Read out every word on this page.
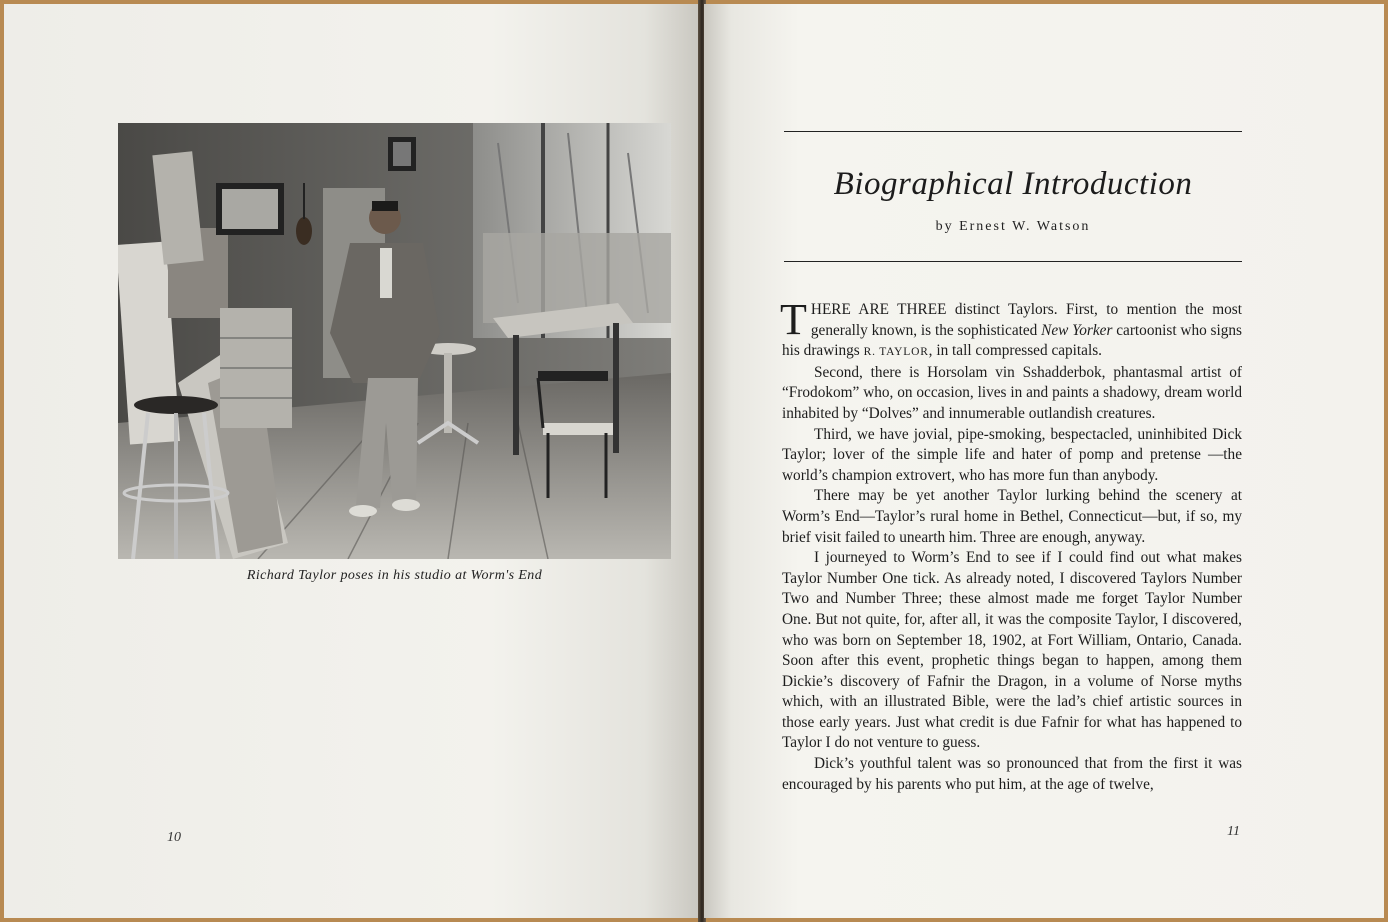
Richard Taylor poses in his studio at Worm's End
10
Biographical Introduction
by Ernest W. Watson

THERE ARE THREE distinct Taylors. First, to mention the most generally known, is the sophisticated New Yorker cartoonist who signs his drawings R. TAYLOR, in tall compressed capitals.

Second, there is Horsolam vin Sshadderbok, phantasmal artist of “Frodokom” who, on occasion, lives in and paints a shadowy, dream world inhabited by “Dolves” and innumerable outlandish creatures.

Third, we have jovial, pipe-smoking, bespectacled, uninhibited Dick Taylor; lover of the simple life and hater of pomp and pretense —the world’s champion extrovert, who has more fun than anybody.

There may be yet another Taylor lurking behind the scenery at Worm’s End—Taylor’s rural home in Bethel, Connecticut—but, if so, my brief visit failed to unearth him. Three are enough, anyway.

I journeyed to Worm’s End to see if I could find out what makes Taylor Number One tick. As already noted, I discovered Taylors Number Two and Number Three; these almost made me forget Taylor Number One. But not quite, for, after all, it was the composite Taylor, I discovered, who was born on September 18, 1902, at Fort William, Ontario, Canada. Soon after this event, prophetic things began to happen, among them Dickie’s discovery of Fafnir the Dragon, in a volume of Norse myths which, with an illustrated Bible, were the lad’s chief artistic sources in those early years. Just what credit is due Fafnir for what has happened to Taylor I do not venture to guess.

Dick’s youthful talent was so pronounced that from the first it was encouraged by his parents who put him, at the age of twelve,

11
